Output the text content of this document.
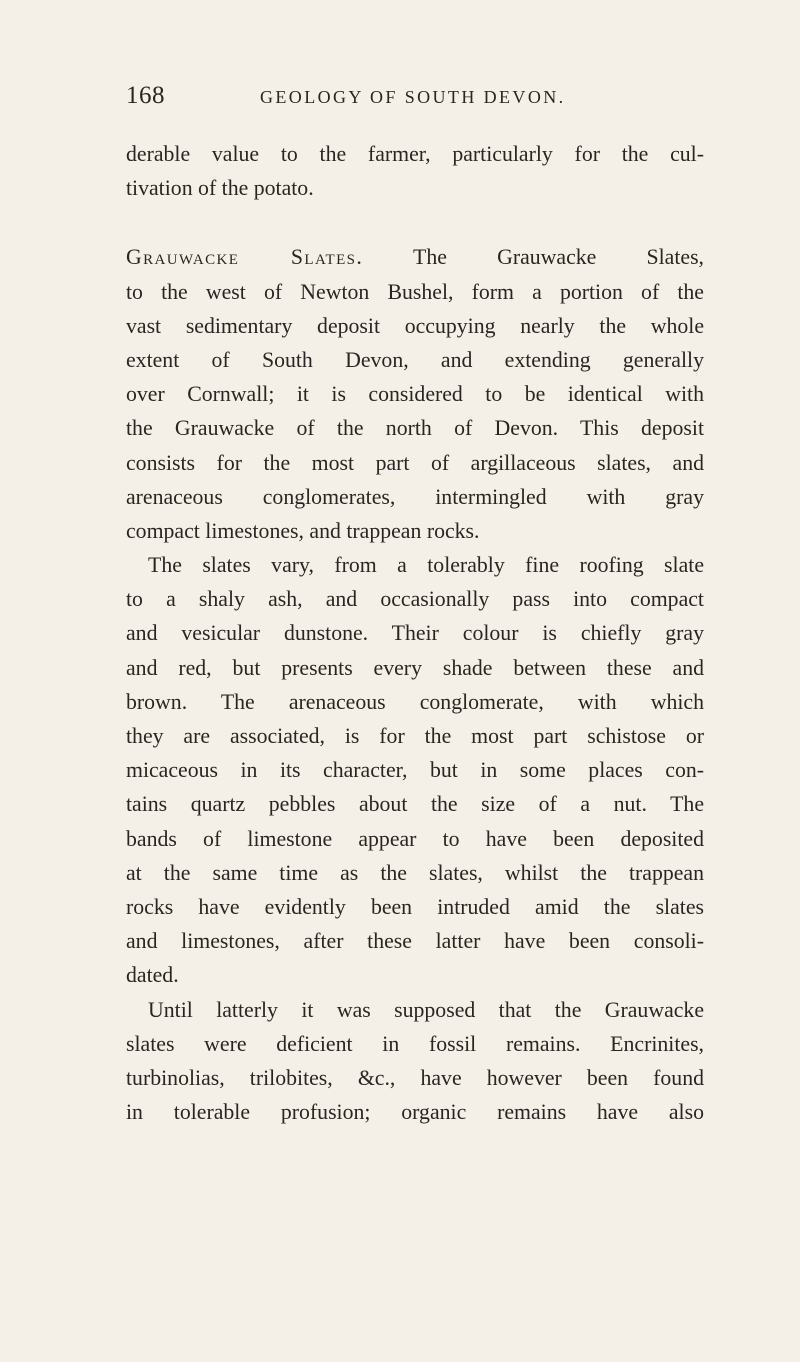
168	GEOLOGY OF SOUTH DEVON.
derable value to the farmer, particularly for the cul-
tivation of the potato.
Grauwacke Slates. The Grauwacke Slates,
to the west of Newton Bushel, form a portion of the
vast sedimentary deposit occupying nearly the whole
extent of South Devon, and extending generally
over Cornwall; it is considered to be identical with
the Grauwacke of the north of Devon. This deposit
consists for the most part of argillaceous slates, and
arenaceous conglomerates, intermingled with gray
compact limestones, and trappean rocks.
The slates vary, from a tolerably fine roofing slate
to a shaly ash, and occasionally pass into compact
and vesicular dunstone. Their colour is chiefly gray
and red, but presents every shade between these and
brown. The arenaceous conglomerate, with which
they are associated, is for the most part schistose or
micaceous in its character, but in some places con-
tains quartz pebbles about the size of a nut. The
bands of limestone appear to have been deposited
at the same time as the slates, whilst the trappean
rocks have evidently been intruded amid the slates
and limestones, after these latter have been consoli-
dated.
Until latterly it was supposed that the Grauwacke
slates were deficient in fossil remains. Encrinites,
turbinolias, trilobites, &c., have however been found
in tolerable profusion; organic remains have also
